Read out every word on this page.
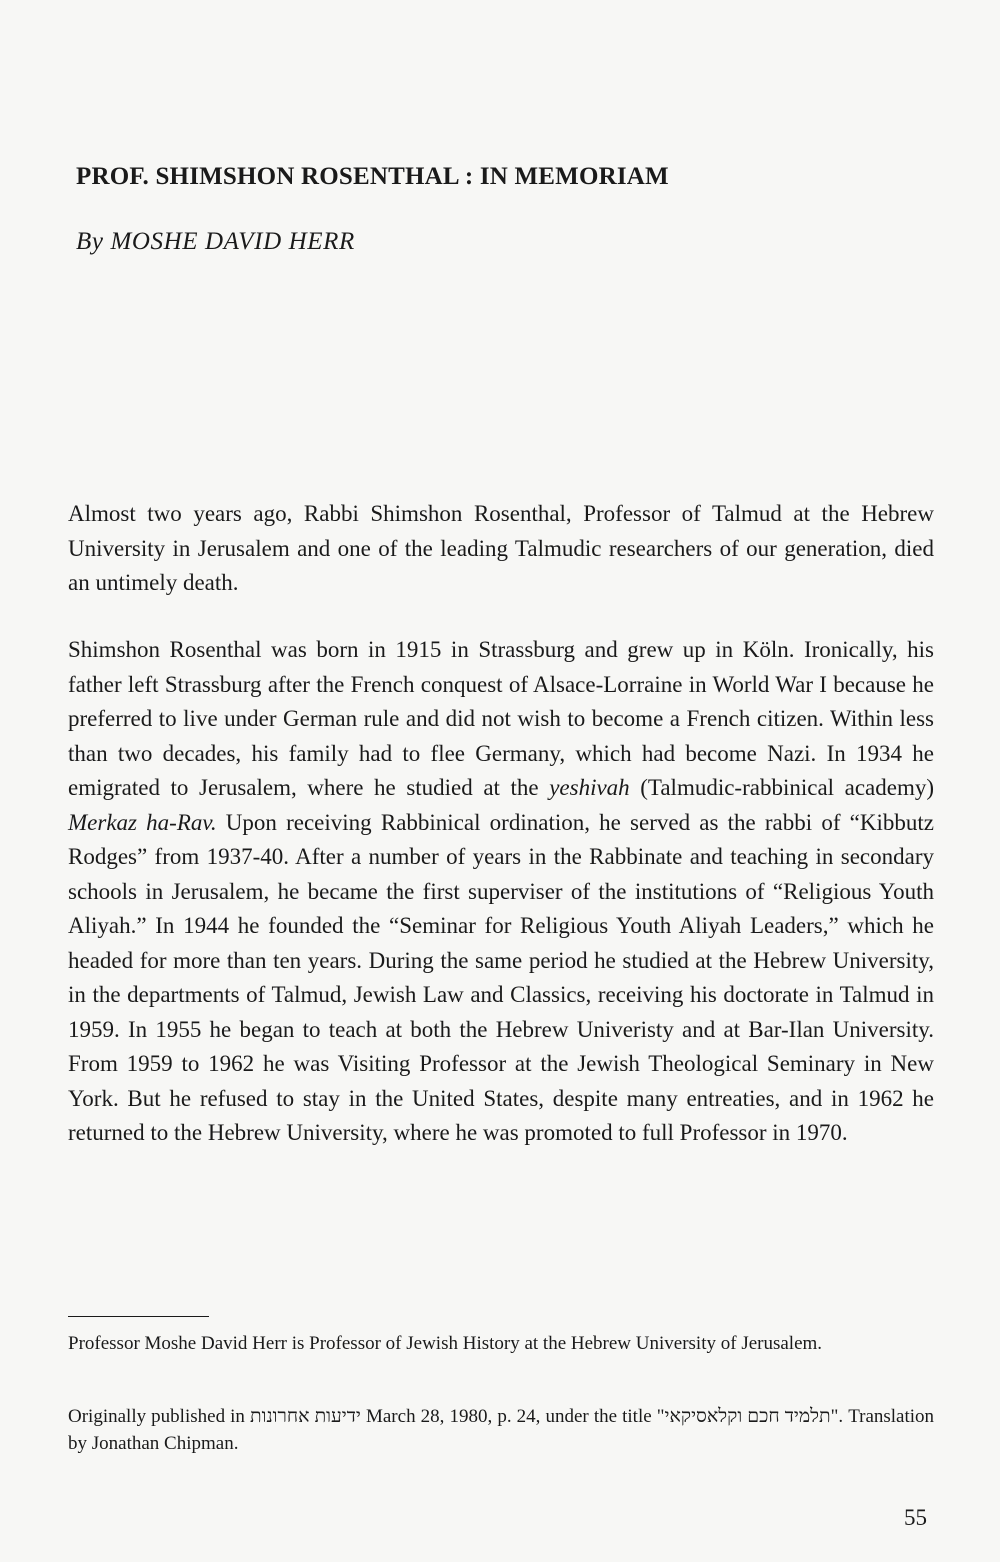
PROF. SHIMSHON ROSENTHAL : IN MEMORIAM
By MOSHE DAVID HERR

Almost two years ago, Rabbi Shimshon Rosenthal, Professor of Talmud at the Hebrew University in Jerusalem and one of the leading Talmudic researchers of our generation, died an untimely death.

Shimshon Rosenthal was born in 1915 in Strassburg and grew up in Köln. Ironically, his father left Strassburg after the French conquest of Alsace-Lorraine in World War I because he preferred to live under German rule and did not wish to become a French citizen. Within less than two decades, his family had to flee Germany, which had become Nazi. In 1934 he emigrated to Jerusalem, where he studied at the yeshivah (Talmudic-rabbinical academy) Merkaz ha-Rav. Upon receiving Rabbinical ordination, he served as the rabbi of “Kibbutz Rodges” from 1937-40. After a number of years in the Rabbinate and teaching in secondary schools in Jerusalem, he became the first superviser of the institutions of “Religious Youth Aliyah.” In 1944 he founded the “Seminar for Religious Youth Aliyah Leaders,” which he headed for more than ten years. During the same period he studied at the Hebrew University, in the departments of Talmud, Jewish Law and Classics, receiving his doctorate in Talmud in 1959. In 1955 he began to teach at both the Hebrew Univeristy and at Bar-Ilan University. From 1959 to 1962 he was Visiting Professor at the Jewish Theological Seminary in New York. But he refused to stay in the United States, despite many entreaties, and in 1962 he returned to the Hebrew University, where he was promoted to full Professor in 1970.

Professor Moshe David Herr is Professor of Jewish History at the Hebrew University of Jerusalem.

Originally published in ידיעות אחרונות March 28, 1980, p. 24, under the title "תלמיד חכם וקלאסיקאי". Translation by Jonathan Chipman.

55
